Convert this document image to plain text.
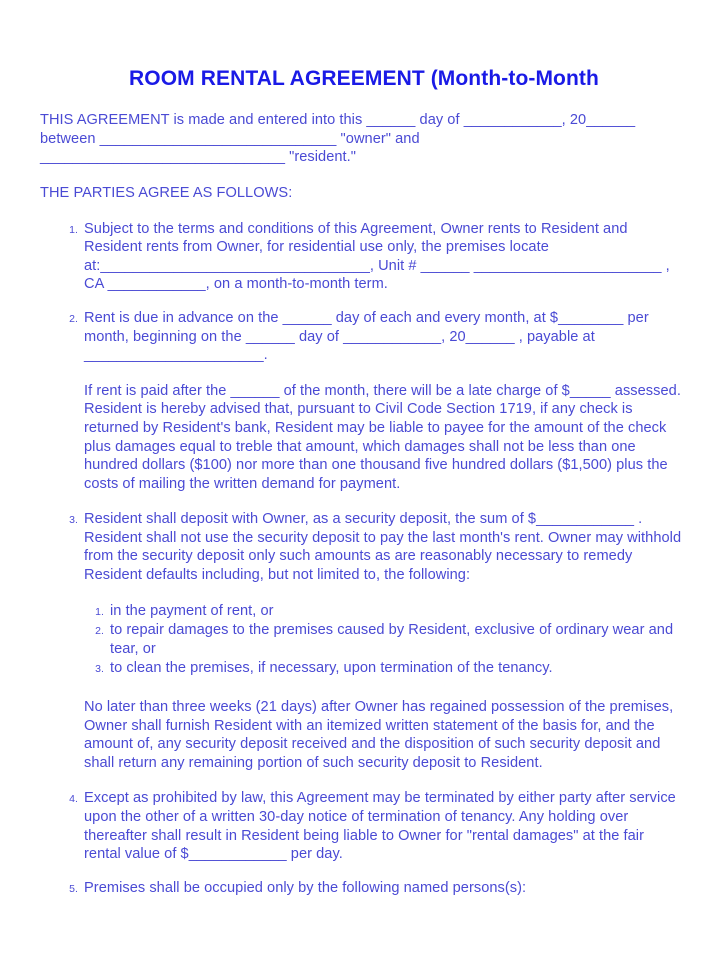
ROOM RENTAL AGREEMENT (Month-to-Month
THIS AGREEMENT is made and entered into this ______ day of ____________, 20______
between _____________________________ "owner" and
______________________________ "resident."
THE PARTIES AGREE AS FOLLOWS:
1. Subject to the terms and conditions of this Agreement, Owner rents to Resident and Resident rents from Owner, for residential use only, the premises locate at:_________________________________, Unit # ______ _______________________ , CA ____________, on a month-to-month term.
2. Rent is due in advance on the ______ day of each and every month, at $________ per month, beginning on the ______ day of ____________, 20______ , payable at ______________________.
If rent is paid after the ______ of the month, there will be a late charge of $_____ assessed. Resident is hereby advised that, pursuant to Civil Code Section 1719, if any check is returned by Resident's bank, Resident may be liable to payee for the amount of the check plus damages equal to treble that amount, which damages shall not be less than one hundred dollars ($100) nor more than one thousand five hundred dollars ($1,500) plus the costs of mailing the written demand for payment.
3. Resident shall deposit with Owner, as a security deposit, the sum of $____________ . Resident shall not use the security deposit to pay the last month's rent. Owner may withhold from the security deposit only such amounts as are reasonably necessary to remedy Resident defaults including, but not limited to, the following:
1. in the payment of rent, or
2. to repair damages to the premises caused by Resident, exclusive of ordinary wear and tear, or
3. to clean the premises, if necessary, upon termination of the tenancy.
No later than three weeks (21 days) after Owner has regained possession of the premises, Owner shall furnish Resident with an itemized written statement of the basis for, and the amount of, any security deposit received and the disposition of such security deposit and shall return any remaining portion of such security deposit to Resident.
4. Except as prohibited by law, this Agreement may be terminated by either party after service upon the other of a written 30-day notice of termination of tenancy. Any holding over thereafter shall result in Resident being liable to Owner for "rental damages" at the fair rental value of $____________ per day.
5. Premises shall be occupied only by the following named persons(s):
